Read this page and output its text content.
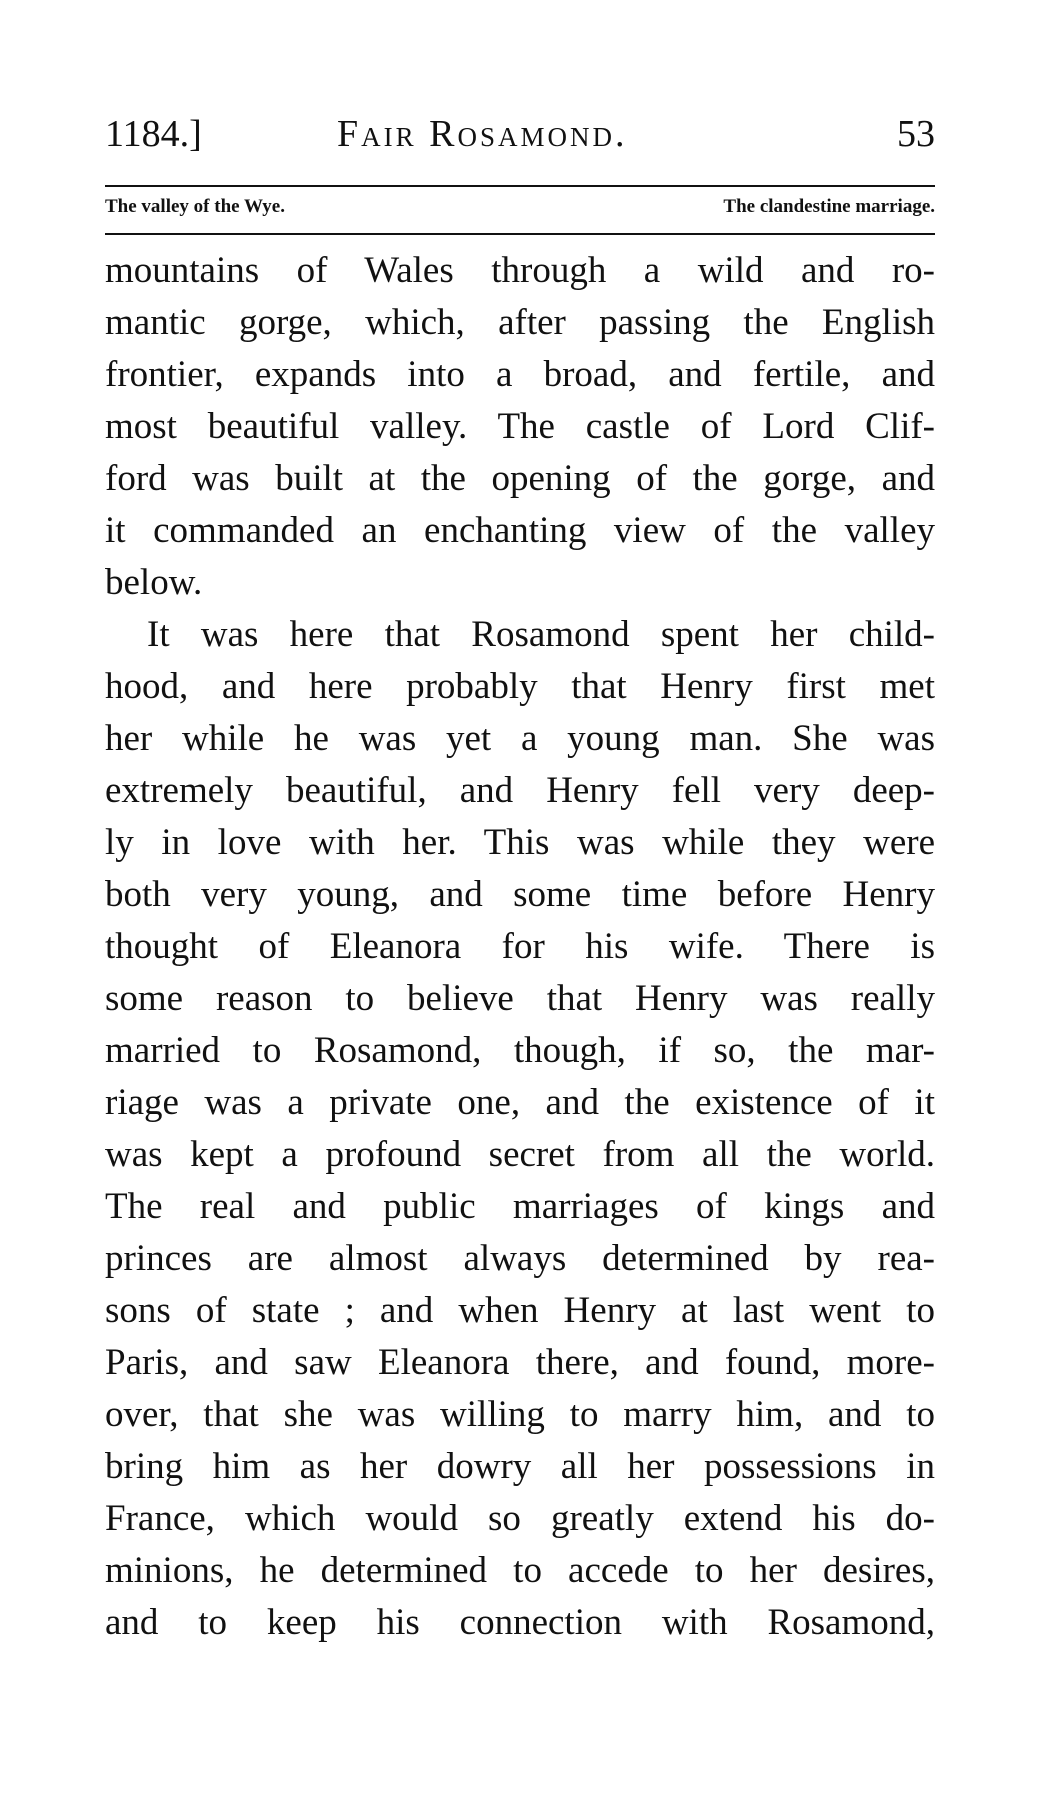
1184.]	Fair Rosamond.	53
The valley of the Wye.	The clandestine marriage.
mountains of Wales through a wild and ro-
mantic gorge, which, after passing the English
frontier, expands into a broad, and fertile, and
most beautiful valley. The castle of Lord Clif-
ford was built at the opening of the gorge, and
it commanded an enchanting view of the valley
below.
It was here that Rosamond spent her child-
hood, and here probably that Henry first met
her while he was yet a young man. She was
extremely beautiful, and Henry fell very deep-
ly in love with her. This was while they were
both very young, and some time before Henry
thought of Eleanora for his wife. There is
some reason to believe that Henry was really
married to Rosamond, though, if so, the mar-
riage was a private one, and the existence of it
was kept a profound secret from all the world.
The real and public marriages of kings and
princes are almost always determined by rea-
sons of state ; and when Henry at last went to
Paris, and saw Eleanora there, and found, more-
over, that she was willing to marry him, and to
bring him as her dowry all her possessions in
France, which would so greatly extend his do-
minions, he determined to accede to her desires,
and to keep his connection with Rosamond,
